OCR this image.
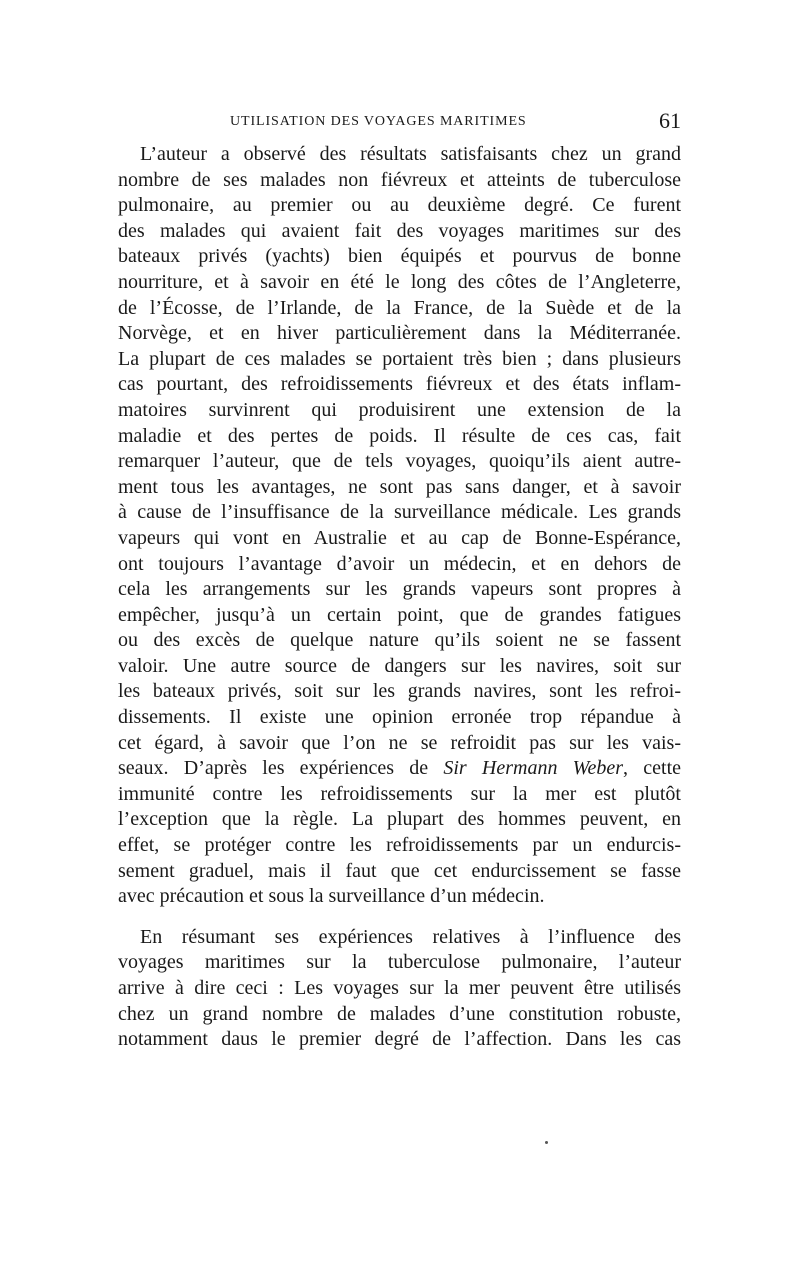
UTILISATION DES VOYAGES MARITIMES	61

L’auteur a observé des résultats satisfaisants chez un grand
nombre de ses malades non fiévreux et atteints de tuberculose
pulmonaire, au premier ou au deuxième degré. Ce furent
des malades qui avaient fait des voyages maritimes sur des
bateaux privés (yachts) bien équipés et pourvus de bonne
nourriture, et à savoir en été le long des côtes de l’Angleterre,
de l’Écosse, de l’Irlande, de la France, de la Suède et de la
Norvège, et en hiver particulièrement dans la Méditerranée.
La plupart de ces malades se portaient très bien ; dans plusieurs
cas pourtant, des refroidissements fiévreux et des états inflam-
matoires survinrent qui produisirent une extension de la
maladie et des pertes de poids. Il résulte de ces cas, fait
remarquer l’auteur, que de tels voyages, quoiqu’ils aient autre-
ment tous les avantages, ne sont pas sans danger, et à savoir
à cause de l’insuffisance de la surveillance médicale. Les grands
vapeurs qui vont en Australie et au cap de Bonne-Espérance,
ont toujours l’avantage d’avoir un médecin, et en dehors de
cela les arrangements sur les grands vapeurs sont propres à
empêcher, jusqu’à un certain point, que de grandes fatigues
ou des excès de quelque nature qu’ils soient ne se fassent
valoir. Une autre source de dangers sur les navires, soit sur
les bateaux privés, soit sur les grands navires, sont les refroi-
dissements. Il existe une opinion erronée trop répandue à
cet égard, à savoir que l’on ne se refroidit pas sur les vais-
seaux. D’après les expériences de Sir Hermann Weber, cette
immunité contre les refroidissements sur la mer est plutôt
l’exception que la règle. La plupart des hommes peuvent, en
effet, se protéger contre les refroidissements par un endurcis-
sement graduel, mais il faut que cet endurcissement se fasse
avec précaution et sous la surveillance d’un médecin.

En résumant ses expériences relatives à l’influence des
voyages maritimes sur la tuberculose pulmonaire, l’auteur
arrive à dire ceci : Les voyages sur la mer peuvent être utilisés
chez un grand nombre de malades d’une constitution robuste,
notamment daus le premier degré de l’affection. Dans les cas
